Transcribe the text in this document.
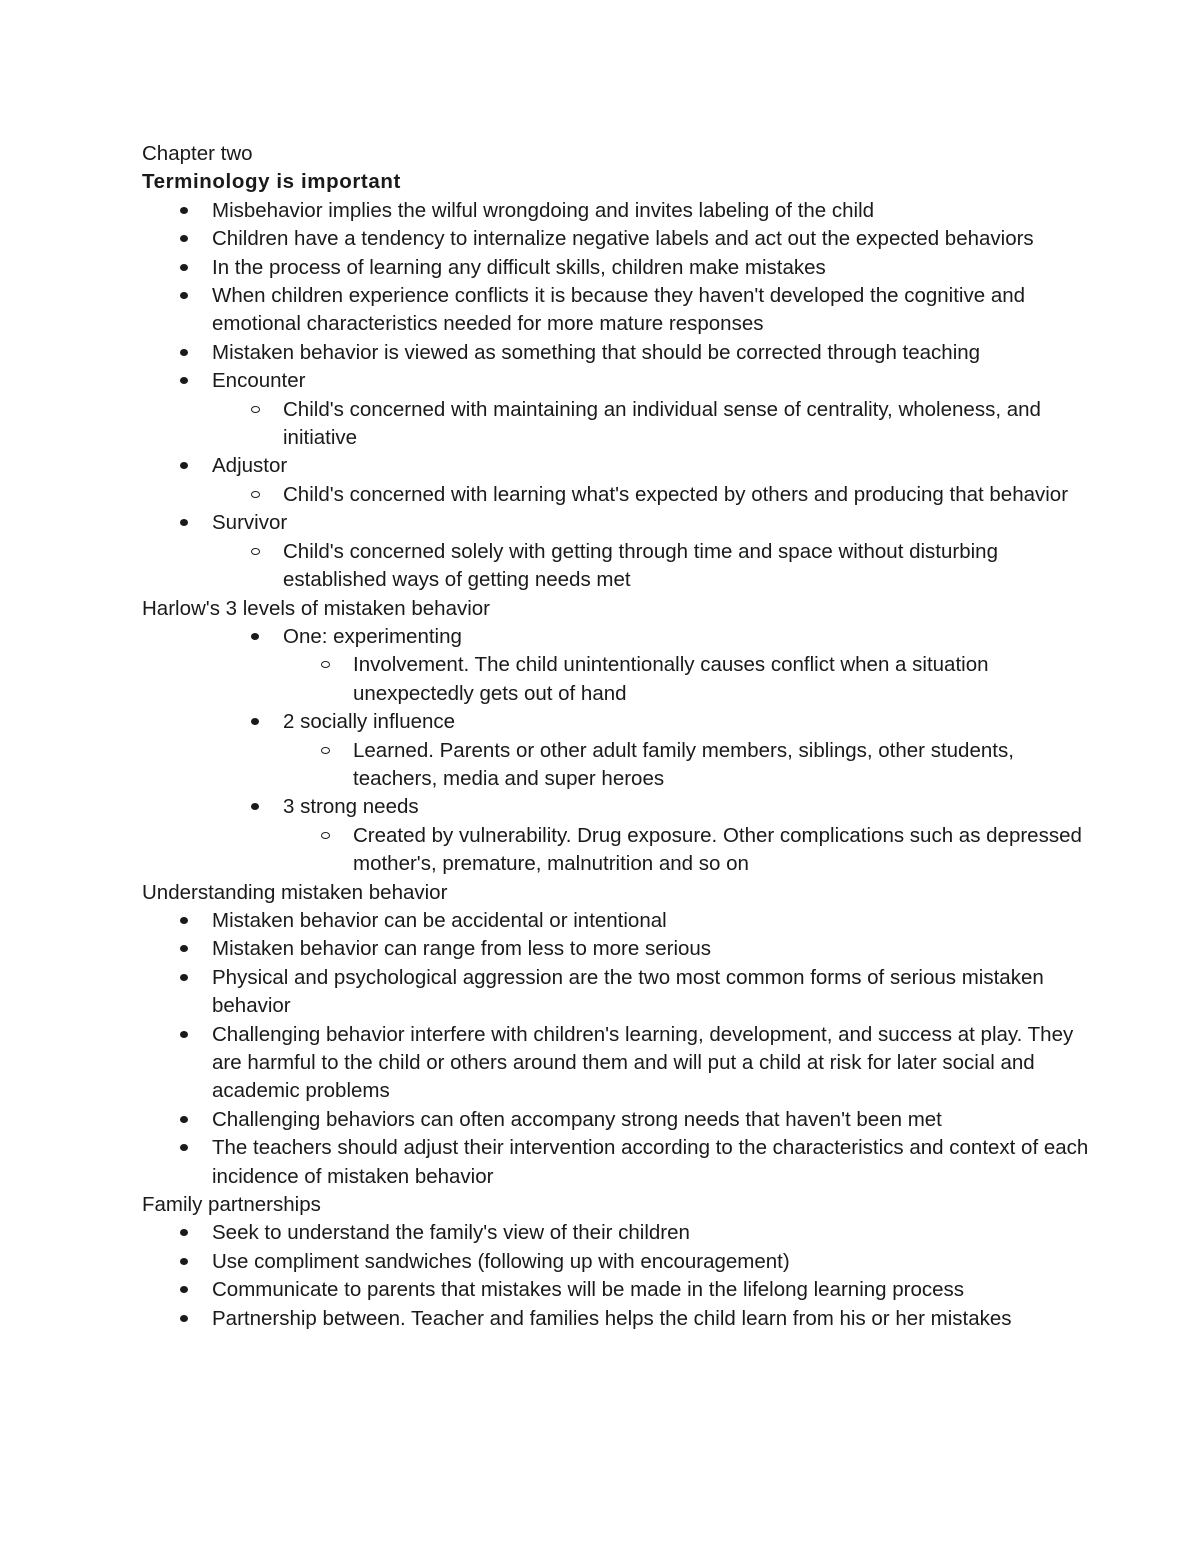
Chapter two
Terminology is important
Misbehavior implies the wilful wrongdoing and invites labeling of the child
Children have a tendency to internalize negative labels and act out the expected behaviors
In the process of learning any difficult skills, children make mistakes
When children experience conflicts it is because they haven't developed the cognitive and emotional characteristics needed for more mature responses
Mistaken behavior is viewed as something that should be corrected through teaching
Encounter
Child's concerned with maintaining an individual sense of centrality, wholeness, and initiative
Adjustor
Child's concerned with learning what's expected by others and producing that behavior
Survivor
Child's concerned solely with getting through time and space without disturbing established ways of getting needs met
Harlow's 3 levels of mistaken behavior
One: experimenting
Involvement. The child unintentionally causes conflict when a situation unexpectedly gets out of hand
2 socially influence
Learned. Parents or other adult family members, siblings, other students, teachers, media and super heroes
3 strong needs
Created by vulnerability. Drug exposure. Other complications such as depressed mother's, premature, malnutrition and so on
Understanding mistaken behavior
Mistaken behavior can be accidental or intentional
Mistaken behavior can range from less to more serious
Physical and psychological aggression are the two most common forms of serious mistaken behavior
Challenging behavior interfere with children's learning, development, and success at play. They are harmful to the child or others around them and will put a child at risk for later social and academic problems
Challenging behaviors can often accompany strong needs that haven't been met
The teachers should adjust their intervention according to the characteristics and context of each incidence of mistaken behavior
Family partnerships
Seek to understand the family's view of their children
Use compliment sandwiches (following up with encouragement)
Communicate to parents that mistakes will be made in the lifelong learning process
Partnership between. Teacher and families helps the child learn from his or her mistakes
